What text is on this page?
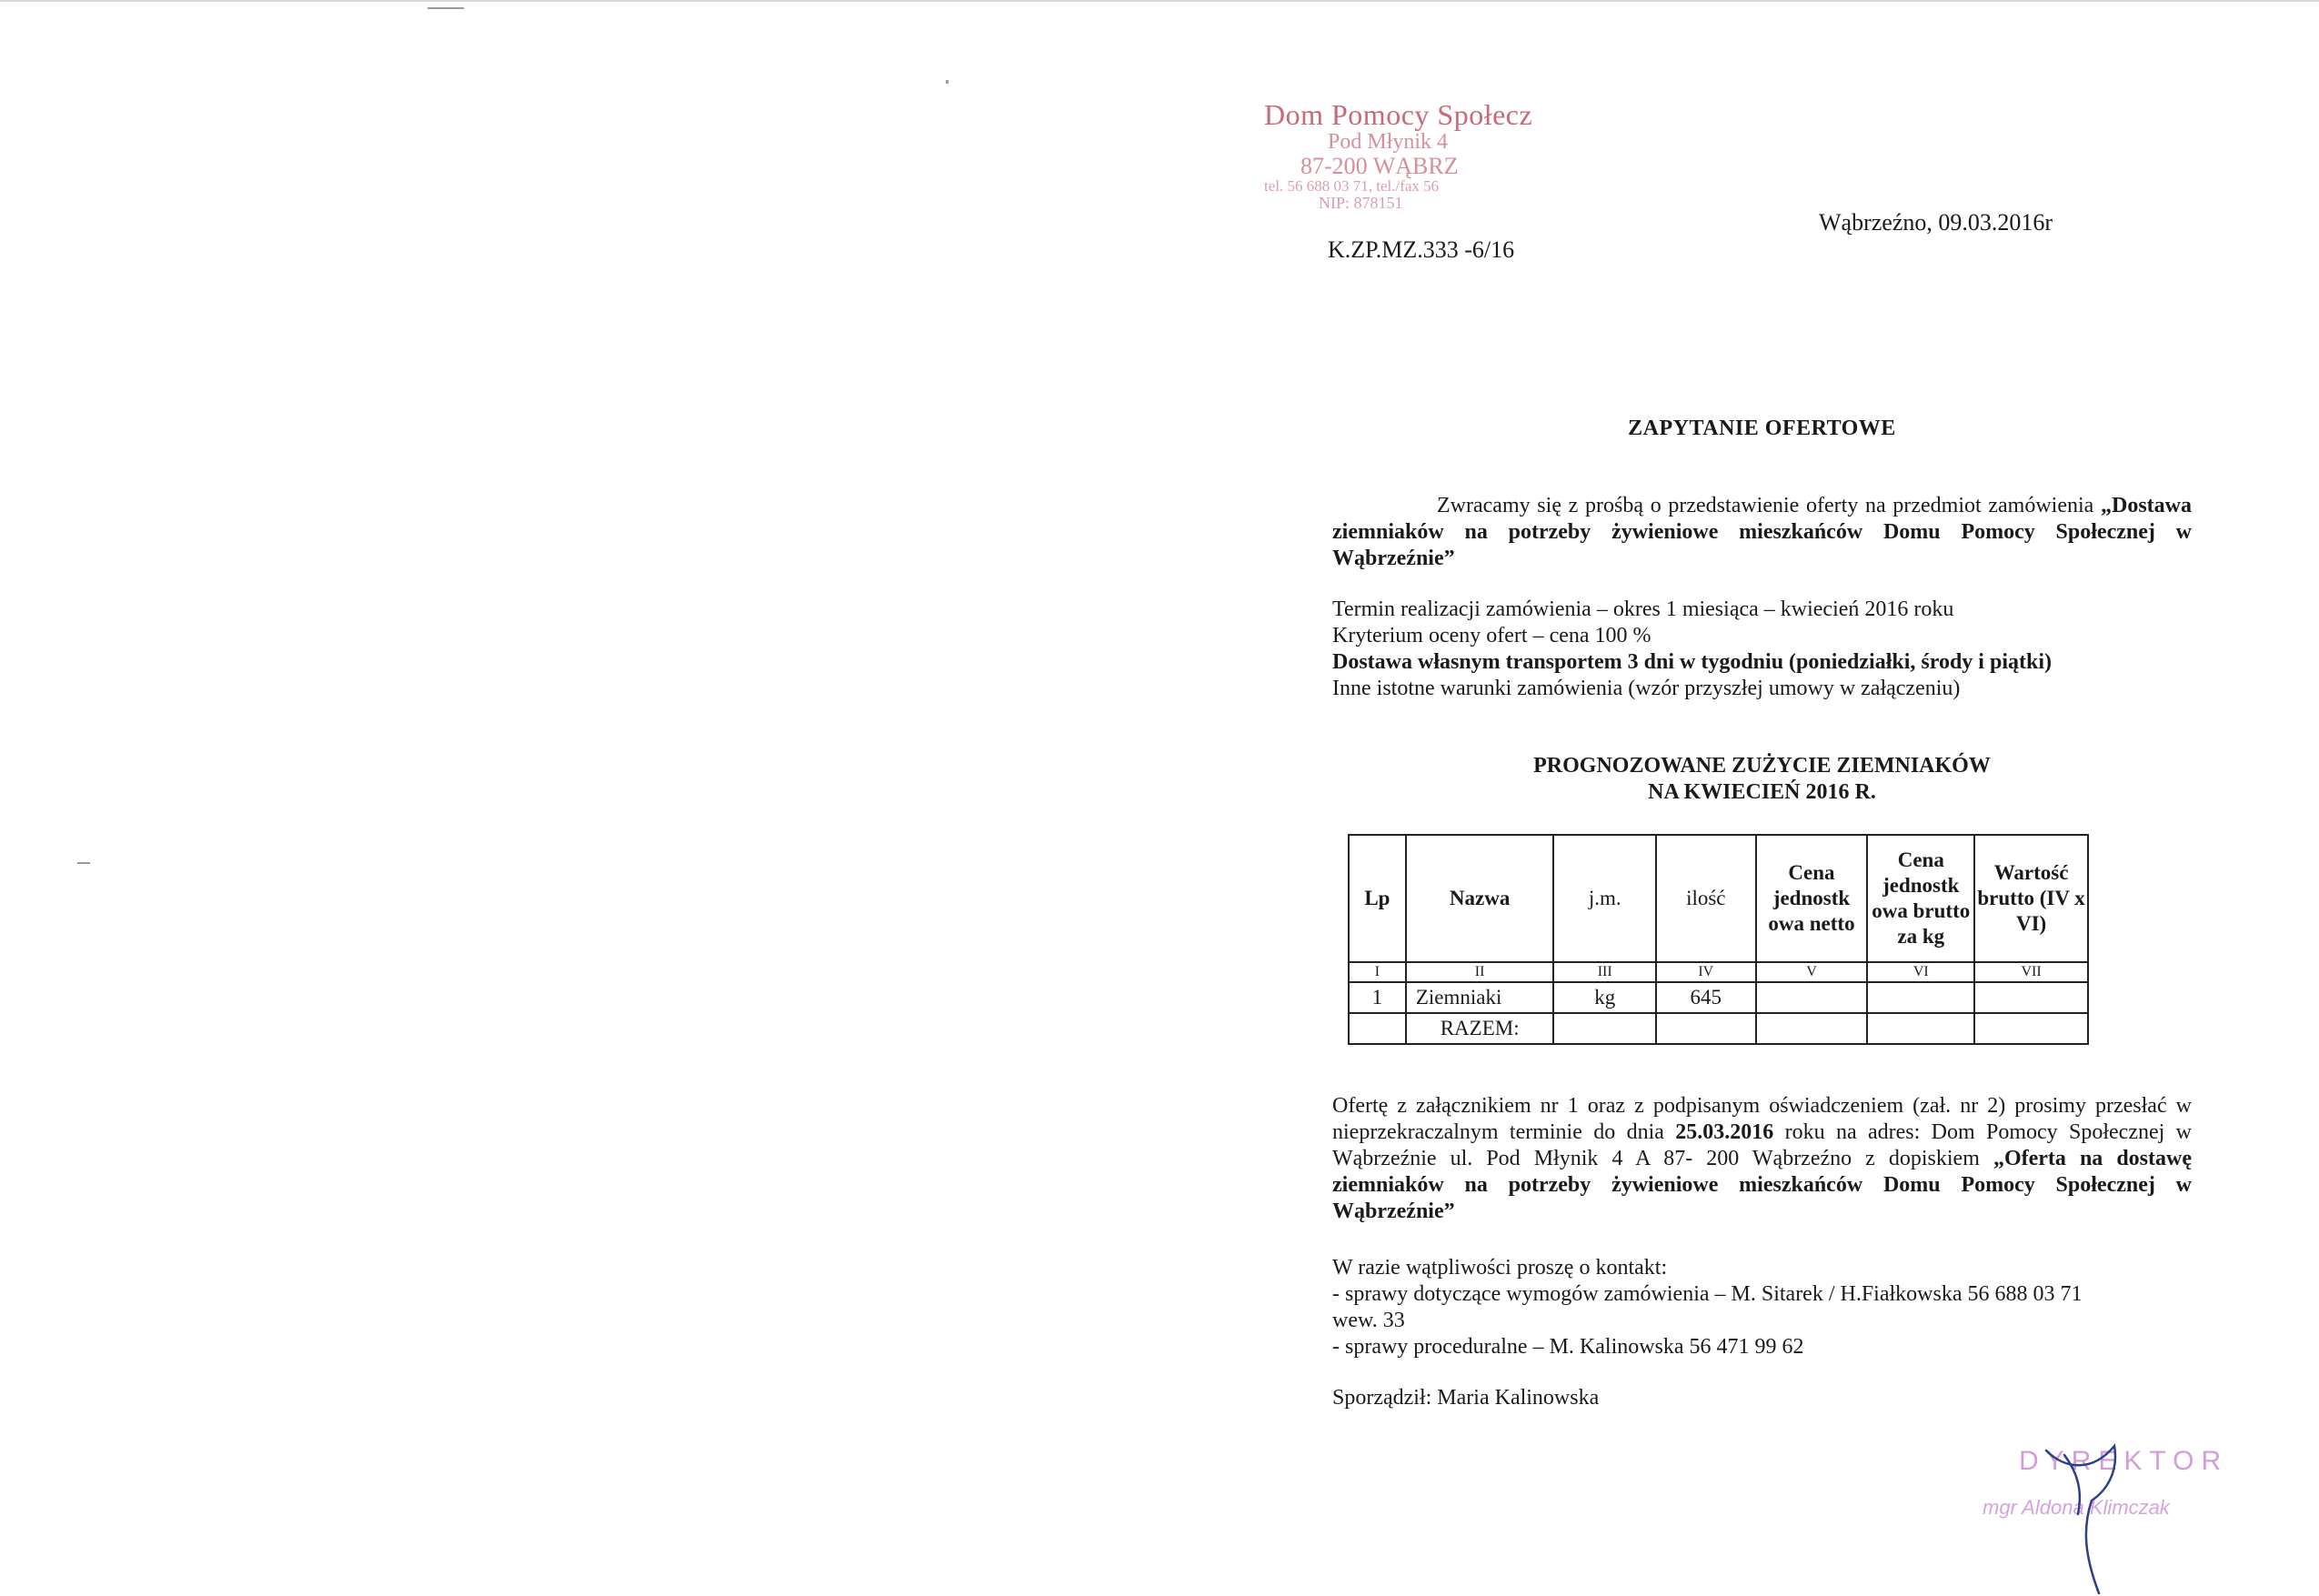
Dom Pomocy Społecz
Pod Młynik 4
87-200 WĄBRZ
tel. 56 688 03 71, tel./fax 56
NIP: 878151
Wąbrzeźno, 09.03.2016r
K.ZP.MZ.333 -6/16
ZAPYTANIE OFERTOWE
Zwracamy się z prośbą o przedstawienie oferty na przedmiot zamówienia „Dostawa ziemniaków na potrzeby żywieniowe mieszkańców Domu Pomocy Społecznej w Wąbrzeźnie”
Termin realizacji zamówienia – okres 1 miesiąca – kwiecień 2016 roku
Kryterium oceny ofert – cena 100 %
Dostawa własnym transportem 3 dni w tygodniu (poniedziałki, środy i piątki)
Inne istotne warunki zamówienia (wzór przyszłej umowy w załączeniu)
PROGNOZOWANE ZUŻYCIE ZIEMNIAKÓW
NA KWIECIEŃ 2016 R.
Lp	Nazwa	j.m.	ilość	Cena jednostk owa netto	Cena jednostk owa brutto za kg	Wartość brutto (IV x VI)
I	II	III	IV	V	VI	VII
1	Ziemniaki	kg	645			
	RAZEM:					
Ofertę z załącznikiem nr 1 oraz z podpisanym oświadczeniem (zał. nr 2) prosimy przesłać w nieprzekraczalnym terminie do dnia 25.03.2016 roku na adres: Dom Pomocy Społecznej w Wąbrzeźnie ul. Pod Młynik 4 A 87- 200 Wąbrzeźno z dopiskiem „Oferta na dostawę ziemniaków na potrzeby żywieniowe mieszkańców Domu Pomocy Społecznej w Wąbrzeźnie”
W razie wątpliwości proszę o kontakt:
- sprawy dotyczące wymogów zamówienia – M. Sitarek / H.Fiałkowska 56 688 03 71
wew. 33
- sprawy proceduralne – M. Kalinowska 56 471 99 62
Sporządził: Maria Kalinowska
DYREKTOR
mgr Aldona Klimczak
